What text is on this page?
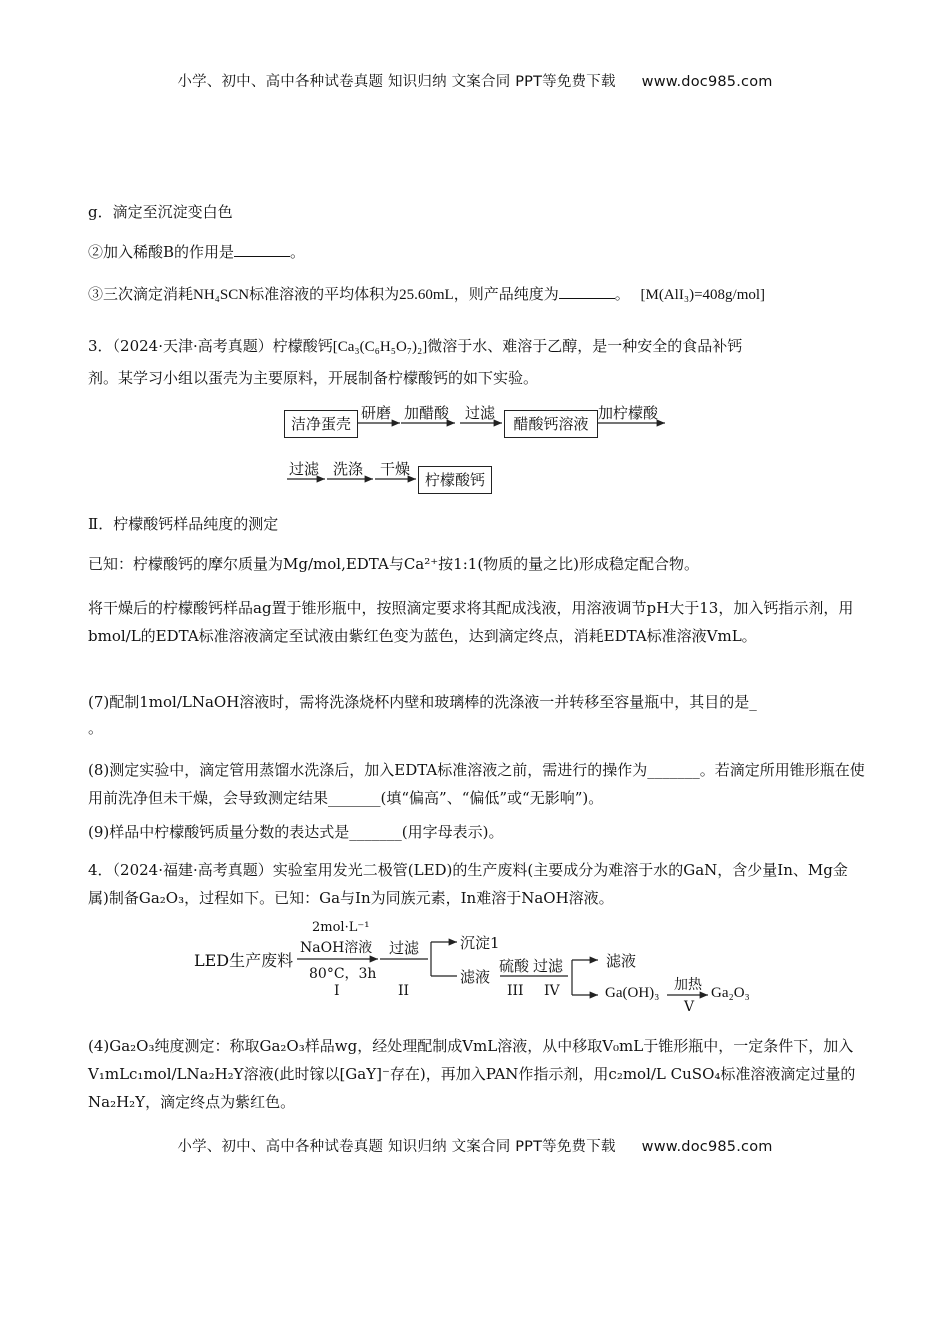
小学、初中、高中各种试卷真题 知识归纳 文案合同 PPT等免费下载 www.doc985.com
g．滴定至沉淀变白色
②加入稀酸B的作用是	。
③三次滴定消耗NH₄SCN标准溶液的平均体积为25.60mL，则产品纯度为	。 [M(AlI₃)=408g/mol]
3．（2024·天津·高考真题）柠檬酸钙[Ca₃(C₆H₅O₇)₂]微溶于水、难溶于乙醇，是一种安全的食品补钙
剂。某学习小组以蛋壳为主要原料，开展制备柠檬酸钙的如下实验。
洁净蛋壳
研磨 加醋酸 过滤
醋酸钙溶液
加柠檬酸
过滤 洗涤 干燥
柠檬酸钙
Ⅱ．柠檬酸钙样品纯度的测定
已知：柠檬酸钙的摩尔质量为Mg/mol,EDTA与Ca²⁺按1:1(物质的量之比)形成稳定配合物。
将干燥后的柠檬酸钙样品ag置于锥形瓶中，按照滴定要求将其配成浅液，用溶液调节pH大于13，加入钙指示剂，用bmol/L的EDTA标准溶液滴定至试液由紫红色变为蓝色，达到滴定终点，消耗EDTA标准溶液VmL。
(7)配制1mol/LNaOH溶液时，需将洗涤烧杯内壁和玻璃棒的洗涤液一并转移至容量瓶中，其目的是_
。
(8)测定实验中，滴定管用蒸馏水洗涤后，加入EDTA标准溶液之前，需进行的操作为_______。若滴定所用锥形瓶在使用前洗净但未干燥，会导致测定结果_______(填“偏高”、“偏低”或“无影响”)。
(9)样品中柠檬酸钙质量分数的表达式是_______(用字母表示)。
4．（2024·福建·高考真题）实验室用发光二极管(LED)的生产废料(主要成分为难溶于水的GaN，含少量In、Mg金属)制备Ga₂O₃，过程如下。已知：Ga与In为同族元素，In难溶于NaOH溶液。
LED生产废料
2mol·L⁻¹
NaOH溶液
80°C，3h
I
过滤
II
沉淀1
滤液
硫酸 过滤
III IV
滤液
Ga(OH)₃ 加热
V
Ga₂O₃
(4)Ga₂O₃纯度测定：称取Ga₂O₃样品wg，经处理配制成VmL溶液，从中移取V₀mL于锥形瓶中，一定条件下，加入V₁mLc₁mol/LNa₂H₂Y溶液(此时镓以[GaY]⁻存在)，再加入PAN作指示剂，用c₂mol/L CuSO₄标准溶液滴定过量的Na₂H₂Y，滴定终点为紫红色。
小学、初中、高中各种试卷真题 知识归纳 文案合同 PPT等免费下载 www.doc985.com
